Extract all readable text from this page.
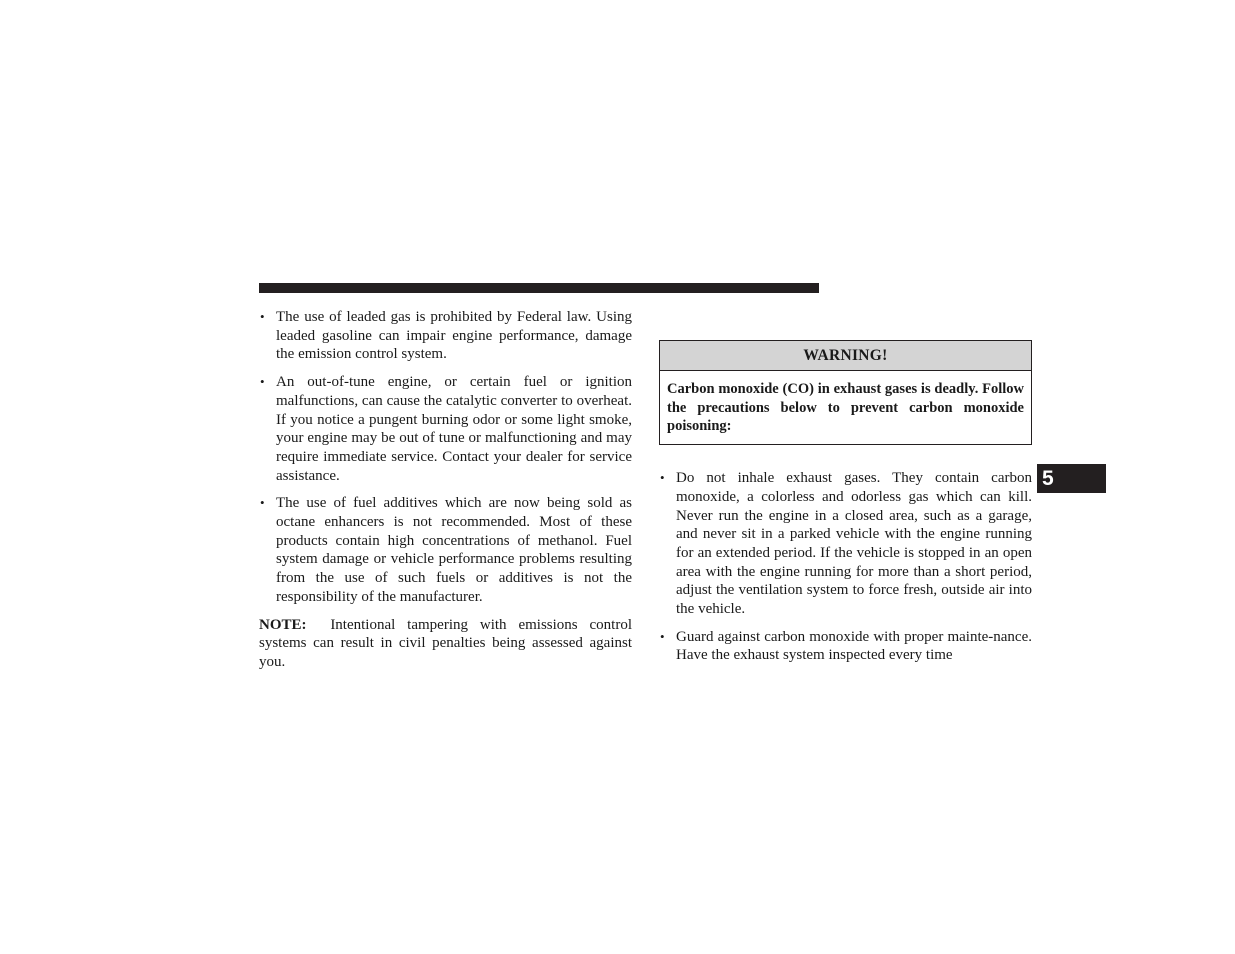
• The use of leaded gas is prohibited by Federal law. Using leaded gasoline can impair engine performance, damage the emission control system.
• An out-of-tune engine, or certain fuel or ignition malfunctions, can cause the catalytic converter to overheat. If you notice a pungent burning odor or some light smoke, your engine may be out of tune or malfunctioning and may require immediate service. Contact your dealer for service assistance.
• The use of fuel additives which are now being sold as octane enhancers is not recommended. Most of these products contain high concentrations of methanol. Fuel system damage or vehicle performance problems resulting from the use of such fuels or additives is not the responsibility of the manufacturer.

NOTE: Intentional tampering with emissions control systems can result in civil penalties being assessed against you.

WARNING!
Carbon monoxide (CO) in exhaust gases is deadly. Follow the precautions below to prevent carbon monoxide poisoning:
• Do not inhale exhaust gases. They contain carbon monoxide, a colorless and odorless gas which can kill. Never run the engine in a closed area, such as a garage, and never sit in a parked vehicle with the engine running for an extended period. If the vehicle is stopped in an open area with the engine running for more than a short period, adjust the ventilation system to force fresh, outside air into the vehicle.
• Guard against carbon monoxide with proper mainte-nance. Have the exhaust system inspected every time
5
